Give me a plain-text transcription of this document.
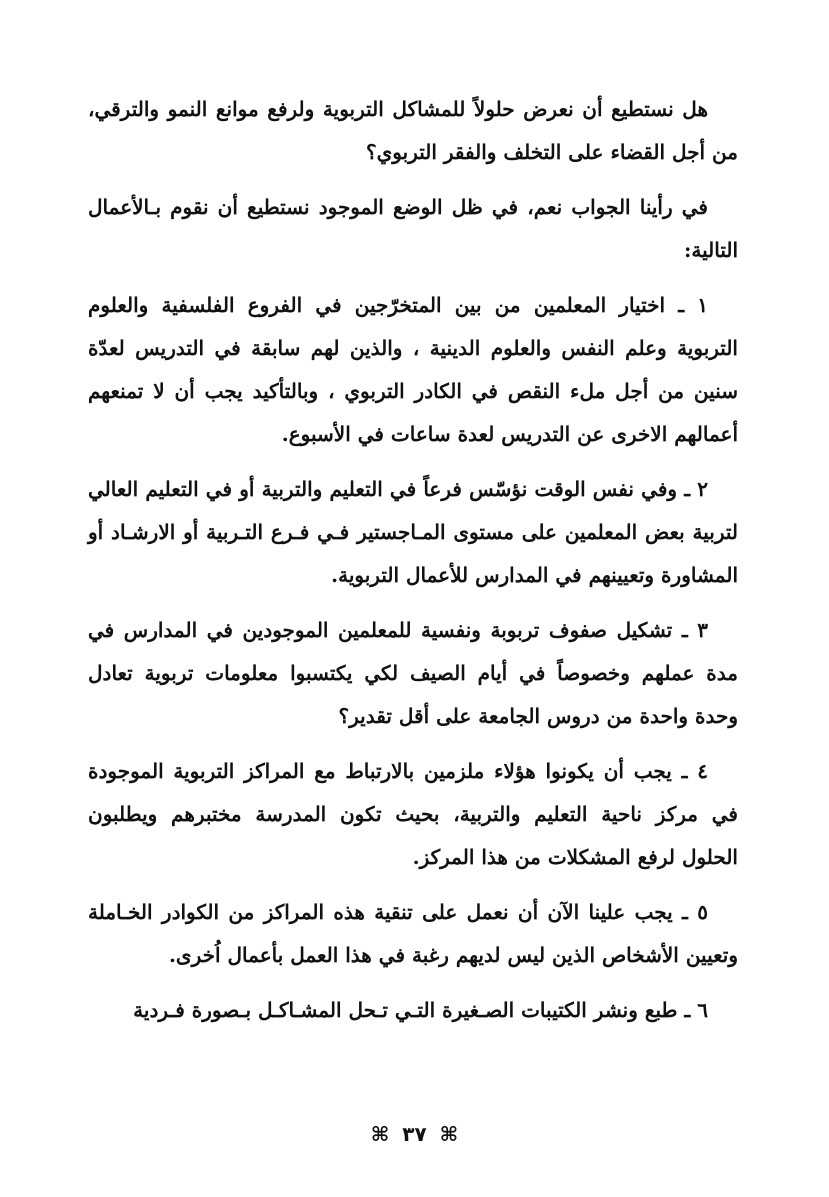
هل نستطيع أن نعرض حلولاً للمشاكل التربوية ولرفع موانع النمو والترقي، من أجل القضاء على التخلف والفقر التربوي؟

في رأينا الجواب نعم، في ظل الوضع الموجود نستطيع أن نقوم بـالأعمال التالية:

١ ـ اختيار المعلمين من بين المتخرّجين في الفروع الفلسفية والعلوم التربوية وعلم النفس والعلوم الدينية ، والذين لهم سابقة في التدريس لعدّة سنين من أجل ملء النقص في الكادر التربوي ، وبالتأكيد يجب أن لا تمنعهم أعمالهم الاخرى عن التدريس لعدة ساعات في الأسبوع.

٢ ـ وفي نفس الوقت نؤسّس فرعاً في التعليم والتربية أو في التعليم العالي لتربية بعض المعلمين على مستوى المـاجستير فـي فـرع التـربية أو الارشـاد أو المشاورة وتعيينهم في المدارس للأعمال التربوية.

٣ ـ تشكيل صفوف تربوبة ونفسية للمعلمين الموجودين في المدارس في مدة عملهم وخصوصاً في أيام الصيف لكي يكتسبوا معلومات تربوية تعادل وحدة واحدة من دروس الجامعة على أقل تقدير؟

٤ ـ يجب أن يكونوا هؤلاء ملزمين بالارتباط مع المراكز التربوية الموجودة في مركز ناحية التعليم والتربية، بحيث تكون المدرسة مختبرهم ويطلبون الحلول لرفع المشكلات من هذا المركز.

٥ ـ يجب علينا الآن أن نعمل على تنقية هذه المراكز من الكوادر الخـاملة وتعيين الأشخاص الذين ليس لديهم رغبة في هذا العمل بأعمال اُخرى.

٦ ـ طبع ونشر الكتيبات الصـغيرة التـي تـحل المشـاكـل بـصورة فـردية

⌘ ٣٧ ⌘
